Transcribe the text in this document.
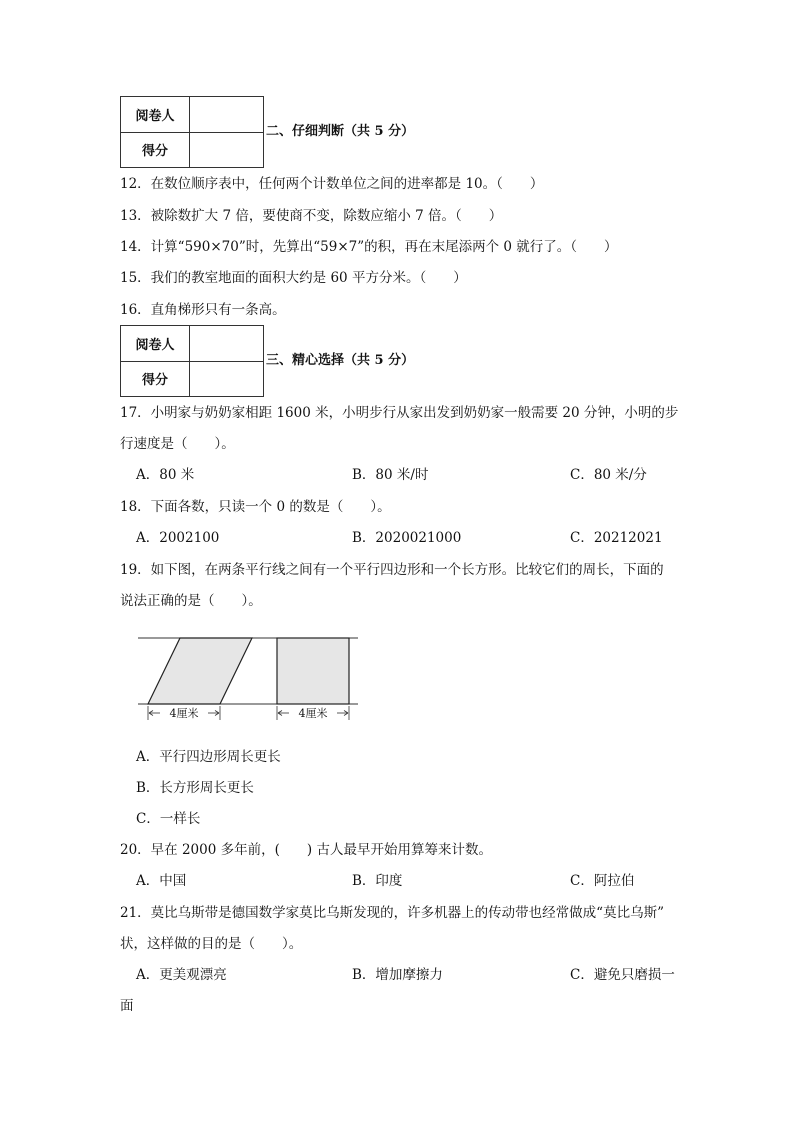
阅卷人	
得分	
二、仔细判断（共 5 分）
12．在数位顺序表中，任何两个计数单位之间的进率都是 10。（　　）
13．被除数扩大 7 倍，要使商不变，除数应缩小 7 倍。（　　）
14．计算“590×70”时，先算出“59×7”的积，再在末尾添两个 0 就行了。（　　）
15．我们的教室地面的面积大约是 60 平方分米。（　　）
16．直角梯形只有一条高。
阅卷人	
得分	
三、精心选择（共 5 分）
17．小明家与奶奶家相距 1600 米，小明步行从家出发到奶奶家一般需要 20 分钟，小明的步
行速度是（　　）。
A．80 米	B．80 米/时	C．80 米/分
18．下面各数，只读一个 0 的数是（　　）。
A．2002100	B．2020021000	C．20212021
19．如下图，在两条平行线之间有一个平行四边形和一个长方形。比较它们的周长，下面的
说法正确的是（　　）。
4厘米	4厘米
A．平行四边形周长更长
B．长方形周长更长
C．一样长
20．早在 2000 多年前，(　　) 古人最早开始用算筹来计数。
A．中国	B．印度	C．阿拉伯
21．莫比乌斯带是德国数学家莫比乌斯发现的，许多机器上的传动带也经常做成“莫比乌斯”
状，这样做的目的是（　　）。
A．更美观漂亮	B．增加摩擦力	C．避免只磨损一
面
